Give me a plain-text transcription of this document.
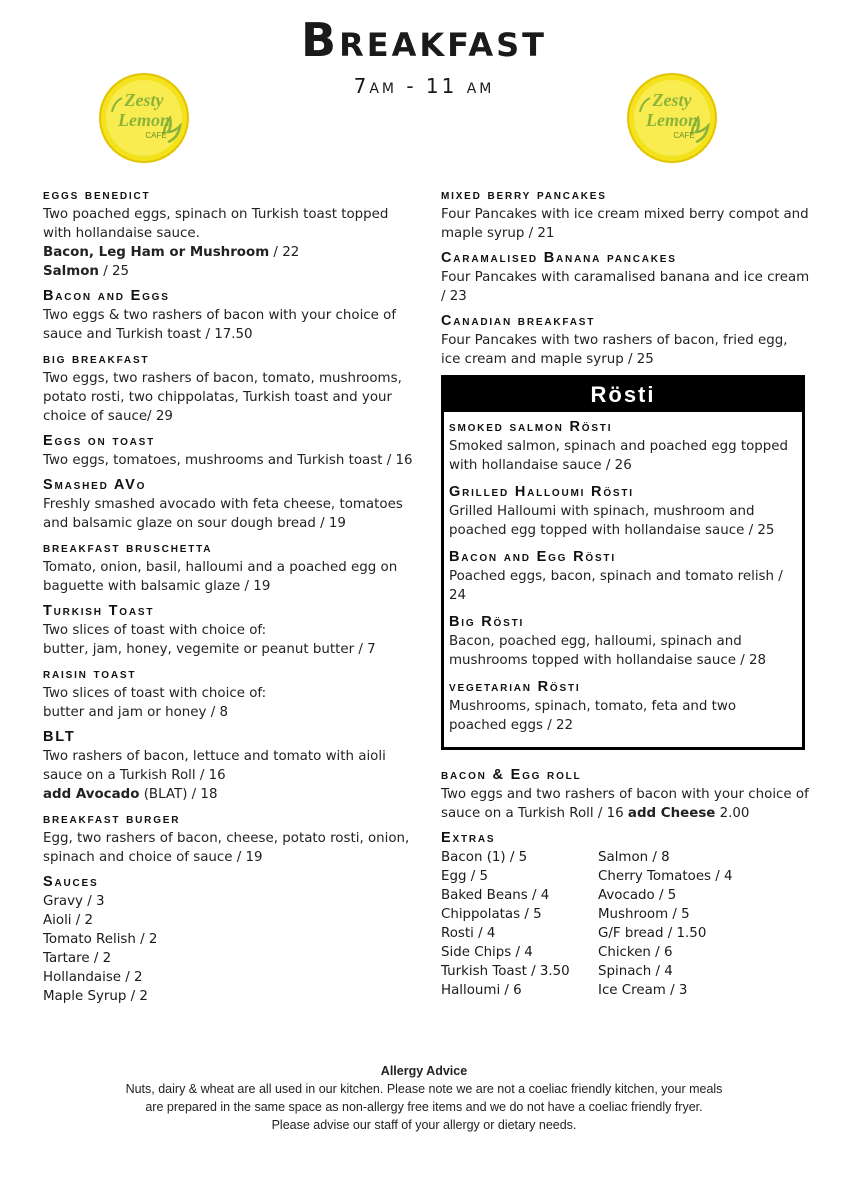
Breakfast
7am - 11 am
Zesty
Lemon
CAFE
Zesty
Lemon
CAFE
eggs benedict
Two poached eggs, spinach on Turkish toast topped with hollandaise sauce.
Bacon, Leg Ham or Mushroom / 22
Salmon / 25
Bacon and Eggs
Two eggs & two rashers of bacon with your choice of sauce and Turkish toast / 17.50
big breakfast
Two eggs, two rashers of bacon, tomato, mushrooms, potato rosti, two chippolatas, Turkish toast and your choice of sauce/ 29
Eggs on toast
Two eggs, tomatoes, mushrooms and Turkish toast / 16
Smashed AVo
Freshly smashed avocado with feta cheese, tomatoes and balsamic glaze on sour dough bread / 19
breakfast bruschetta
Tomato, onion, basil, halloumi and a poached egg on baguette with balsamic glaze / 19
Turkish Toast
Two slices of toast with choice of:
butter, jam, honey, vegemite or peanut butter / 7
raisin toast
Two slices of toast with choice of:
butter and jam or honey / 8
BLT
Two rashers of bacon, lettuce and tomato with aioli sauce on a Turkish Roll / 16
add Avocado (BLAT) / 18
breakfast burger
Egg, two rashers of bacon, cheese, potato rosti, onion, spinach and choice of sauce / 19
Sauces
Gravy / 3
Aioli / 2
Tomato Relish / 2
Tartare / 2
Hollandaise / 2
Maple Syrup / 2
mixed berry pancakes
Four Pancakes with ice cream mixed berry compot and maple syrup / 21
Caramalised Banana pancakes
Four Pancakes with caramalised banana and ice cream / 23
Canadian breakfast
Four Pancakes with two rashers of bacon, fried egg, ice cream and maple syrup / 25
Rösti
smoked salmon Rösti
Smoked salmon, spinach and poached egg topped with hollandaise sauce / 26
Grilled Halloumi Rösti
Grilled Halloumi with spinach, mushroom and poached egg topped with hollandaise sauce / 25
Bacon and Egg Rösti
Poached eggs, bacon, spinach and tomato relish / 24
Big Rösti
Bacon, poached egg, halloumi, spinach and mushrooms topped with hollandaise sauce / 28
vegetarian Rösti
Mushrooms, spinach, tomato, feta and two poached eggs / 22
bacon & Egg roll
Two eggs and two rashers of bacon with your choice of sauce on a Turkish Roll / 16 add Cheese 2.00
Extras
Bacon (1) / 5
Egg / 5
Baked Beans / 4
Chippolatas / 5
Rosti / 4
Side Chips / 4
Turkish Toast / 3.50
Halloumi / 6
Salmon / 8
Cherry Tomatoes / 4
Avocado / 5
Mushroom / 5
G/F bread / 1.50
Chicken / 6
Spinach / 4
Ice Cream / 3
Allergy Advice
Nuts, dairy & wheat are all used in our kitchen. Please note we are not a coeliac friendly kitchen, your meals
are prepared in the same space as non-allergy free items and we do not have a coeliac friendly fryer.
Please advise our staff of your allergy or dietary needs.
